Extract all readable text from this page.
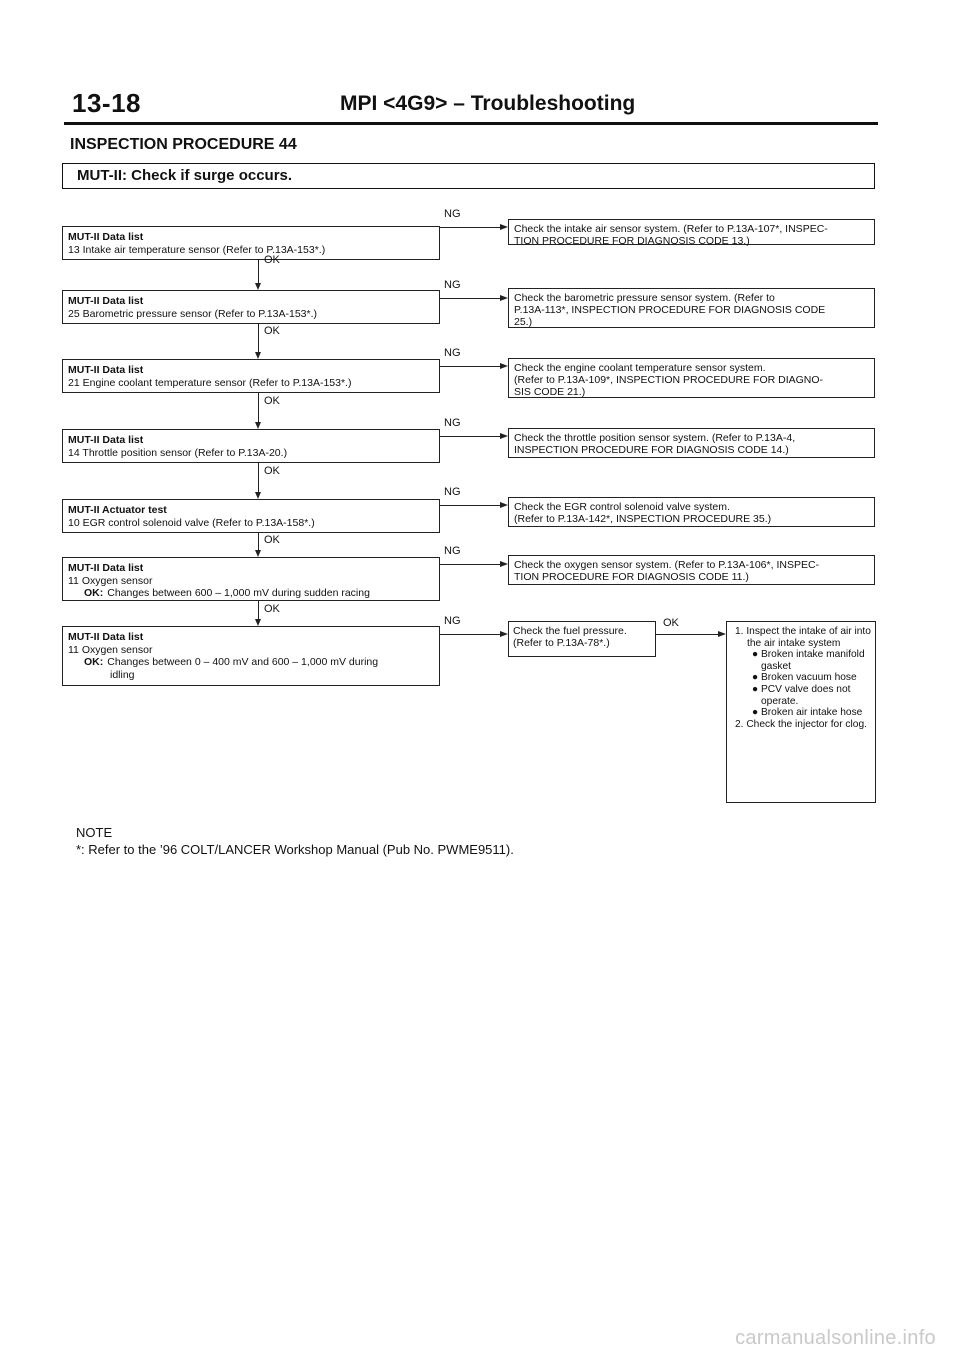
13-18	MPI <4G9> – Troubleshooting
INSPECTION PROCEDURE 44
MUT-II: Check if surge occurs.
MUT-II Data list
13 Intake air temperature sensor (Refer to P.13A-153*.)
MUT-II Data list
25 Barometric pressure sensor (Refer to P.13A-153*.)
MUT-II Data list
21 Engine coolant temperature sensor (Refer to P.13A-153*.)
MUT-II Data list
14 Throttle position sensor (Refer to P.13A-20.)
MUT-II Actuator test
10 EGR control solenoid valve (Refer to P.13A-158*.)
MUT-II Data list
11 Oxygen sensor
OK: Changes between 600 – 1,000 mV during sudden racing
MUT-II Data list
11 Oxygen sensor
OK: Changes between 0 – 400 mV and 600 – 1,000 mV during
idling
OK
OK
OK
OK
OK
OK
NG
NG
NG
NG
NG
NG
NG
Check the intake air sensor system. (Refer to P.13A-107*, INSPEC-
TION PROCEDURE FOR DIAGNOSIS CODE 13.)
Check the barometric pressure sensor system. (Refer to
P.13A-113*, INSPECTION PROCEDURE FOR DIAGNOSIS CODE
25.)
Check the engine coolant temperature sensor system.
(Refer to P.13A-109*, INSPECTION PROCEDURE FOR DIAGNO-
SIS CODE 21.)
Check the throttle position sensor system. (Refer to P.13A-4,
INSPECTION PROCEDURE FOR DIAGNOSIS CODE 14.)
Check the EGR control solenoid valve system.
(Refer to P.13A-142*, INSPECTION PROCEDURE 35.)
Check the oxygen sensor system. (Refer to P.13A-106*, INSPEC-
TION PROCEDURE FOR DIAGNOSIS CODE 11.)
Check the fuel pressure.
(Refer to P.13A-78*.)
OK
1. Inspect the intake of air into the air intake system
● Broken intake manifold gasket
● Broken vacuum hose
● PCV valve does not operate.
● Broken air intake hose
2. Check the injector for clog.
NOTE
*: Refer to the ’96 COLT/LANCER Workshop Manual (Pub No. PWME9511).
carmanualsonline.info
